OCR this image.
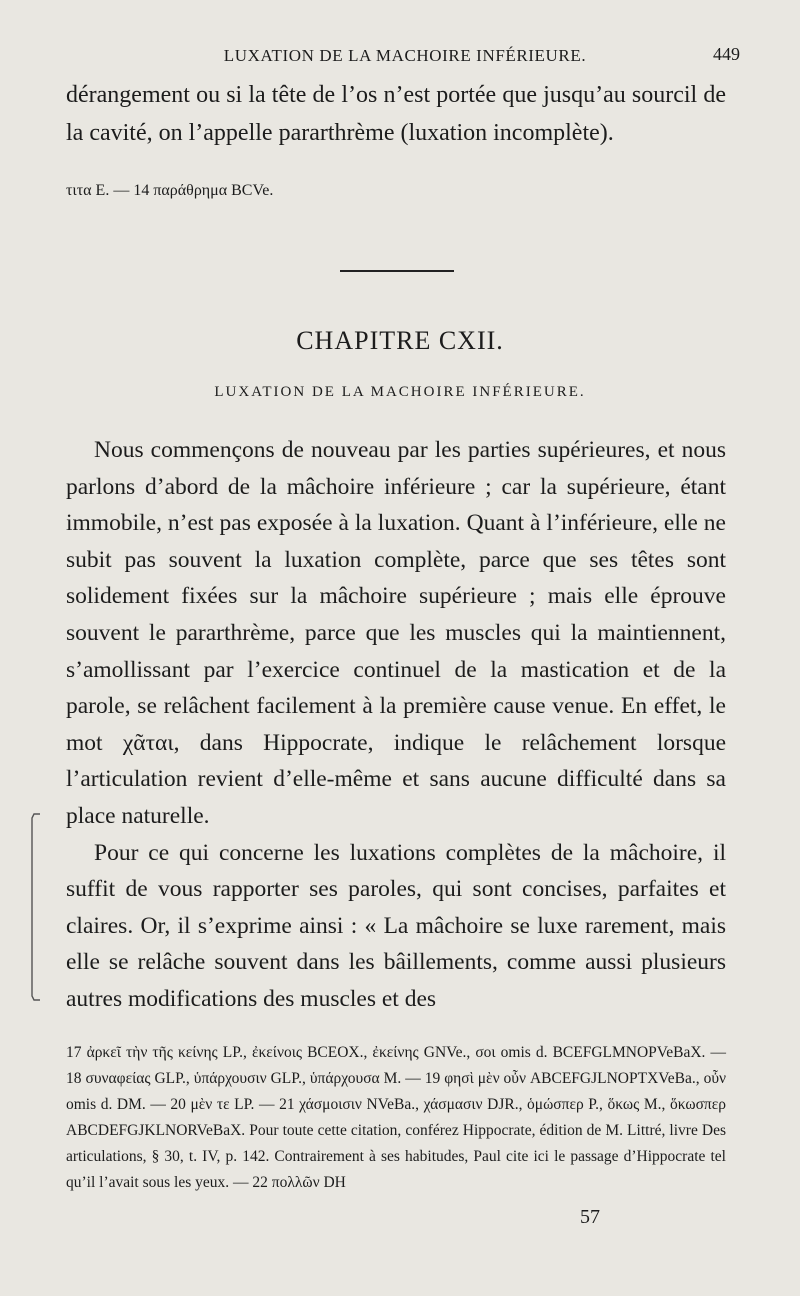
LUXATION DE LA MACHOIRE INFÉRIEURE.	449

dérangement ou si la tête de l’os n’est portée que jusqu’au sourcil de la cavité, on l’appelle pararthrème (luxation incomplète).

τιτα E. — 14 παράθρημα BCVe.
CHAPITRE CXII.
LUXATION DE LA MACHOIRE INFÉRIEURE.

Nous commençons de nouveau par les parties supérieures, et nous parlons d’abord de la mâchoire inférieure ; car la supérieure, étant immobile, n’est pas exposée à la luxation. Quant à l’inférieure, elle ne subit pas souvent la luxation complète, parce que ses têtes sont solidement fixées sur la mâchoire supérieure ; mais elle éprouve souvent le pararthrème, parce que les muscles qui la maintiennent, s’amollissant par l’exercice continuel de la mastication et de la parole, se relâchent facilement à la première cause venue. En effet, le mot χᾶται, dans Hippocrate, indique le relâchement lorsque l’articulation revient d’elle-même et sans aucune difficulté dans sa place naturelle.

Pour ce qui concerne les luxations complètes de la mâchoire, il suffit de vous rapporter ses paroles, qui sont concises, parfaites et claires. Or, il s’exprime ainsi : « La mâchoire se luxe rarement, mais elle se relâche souvent dans les bâillements, comme aussi plusieurs autres modifications des muscles et des

17 ἀρκεῖ τὴν τῆς κείνης LP., ἐκείνοις BCEOX., ἐκείνης GNVe., σοι omis d. BCEFGLMNOPVeBaX. — 18 συναφείας GLP., ὑπάρχουσιν GLP., ὑπάρχουσα M. — 19 φησὶ μὲν οὖν ABCEFGJLNOPTXVeBa., οὖν omis d. DM. — 20 μὲν τε LP. — 21 χάσμοισιν NVeBa., χάσμασιν DJR., ὁμώσπερ P., ὅκως M., ὅκωσπερ ABCDEFGJKLNORVeBaX. Pour toute cette citation, conférez Hippocrate, édition de M. Littré, livre Des articulations, § 30, t. IV, p. 142. Contrairement à ses habitudes, Paul cite ici le passage d’Hippocrate tel qu’il l’avait sous les yeux. — 22 πολλῶν DH

57
